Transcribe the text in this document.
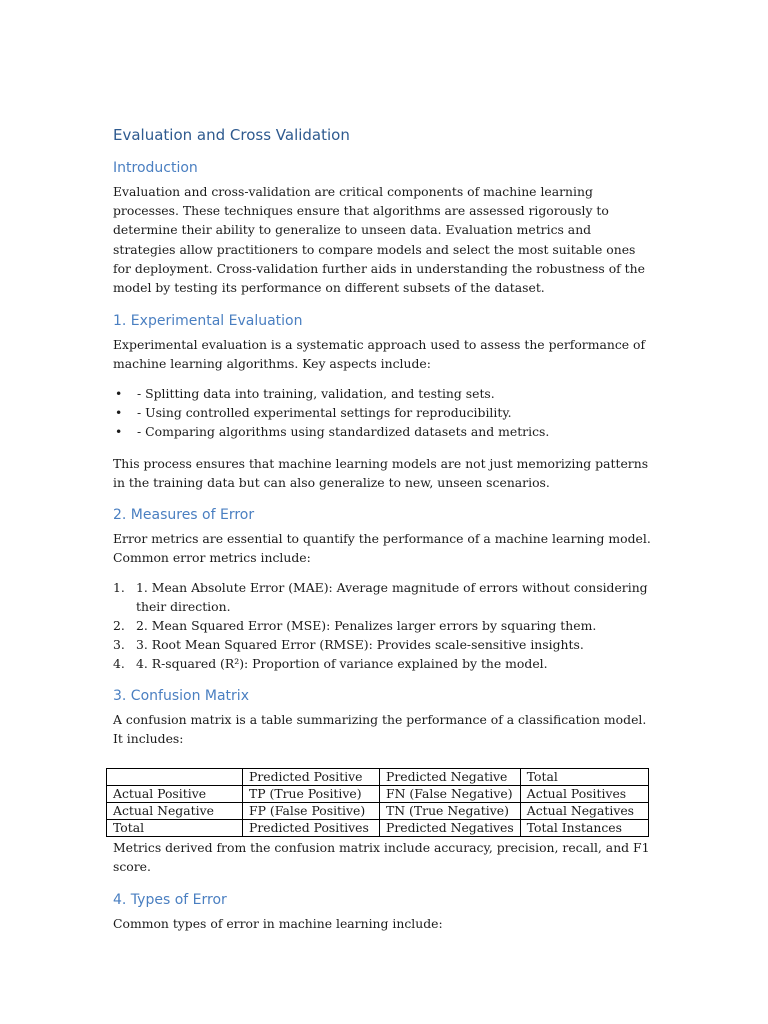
Evaluation and Cross Validation
Introduction

Evaluation and cross-validation are critical components of machine learning processes. These techniques ensure that algorithms are assessed rigorously to determine their ability to generalize to unseen data. Evaluation metrics and strategies allow practitioners to compare models and select the most suitable ones for deployment. Cross-validation further aids in understanding the robustness of the model by testing its performance on different subsets of the dataset.

1. Experimental Evaluation

Experimental evaluation is a systematic approach used to assess the performance of machine learning algorithms. Key aspects include:

• - Splitting data into training, validation, and testing sets.
• - Using controlled experimental settings for reproducibility.
• - Comparing algorithms using standardized datasets and metrics.

This process ensures that machine learning models are not just memorizing patterns in the training data but can also generalize to new, unseen scenarios.

2. Measures of Error

Error metrics are essential to quantify the performance of a machine learning model. Common error metrics include:

1. 1. Mean Absolute Error (MAE): Average magnitude of errors without considering their direction.
2. 2. Mean Squared Error (MSE): Penalizes larger errors by squaring them.
3. 3. Root Mean Squared Error (RMSE): Provides scale-sensitive insights.
4. 4. R-squared (R²): Proportion of variance explained by the model.
3. Confusion Matrix

A confusion matrix is a table summarizing the performance of a classification model. It includes:

	Predicted Positive	Predicted Negative	Total
Actual Positive	TP (True Positive)	FN (False Negative)	Actual Positives
Actual Negative	FP (False Positive)	TN (True Negative)	Actual Negatives
Total	Predicted Positives	Predicted Negatives	Total Instances

Metrics derived from the confusion matrix include accuracy, precision, recall, and F1 score.

4. Types of Error

Common types of error in machine learning include:
